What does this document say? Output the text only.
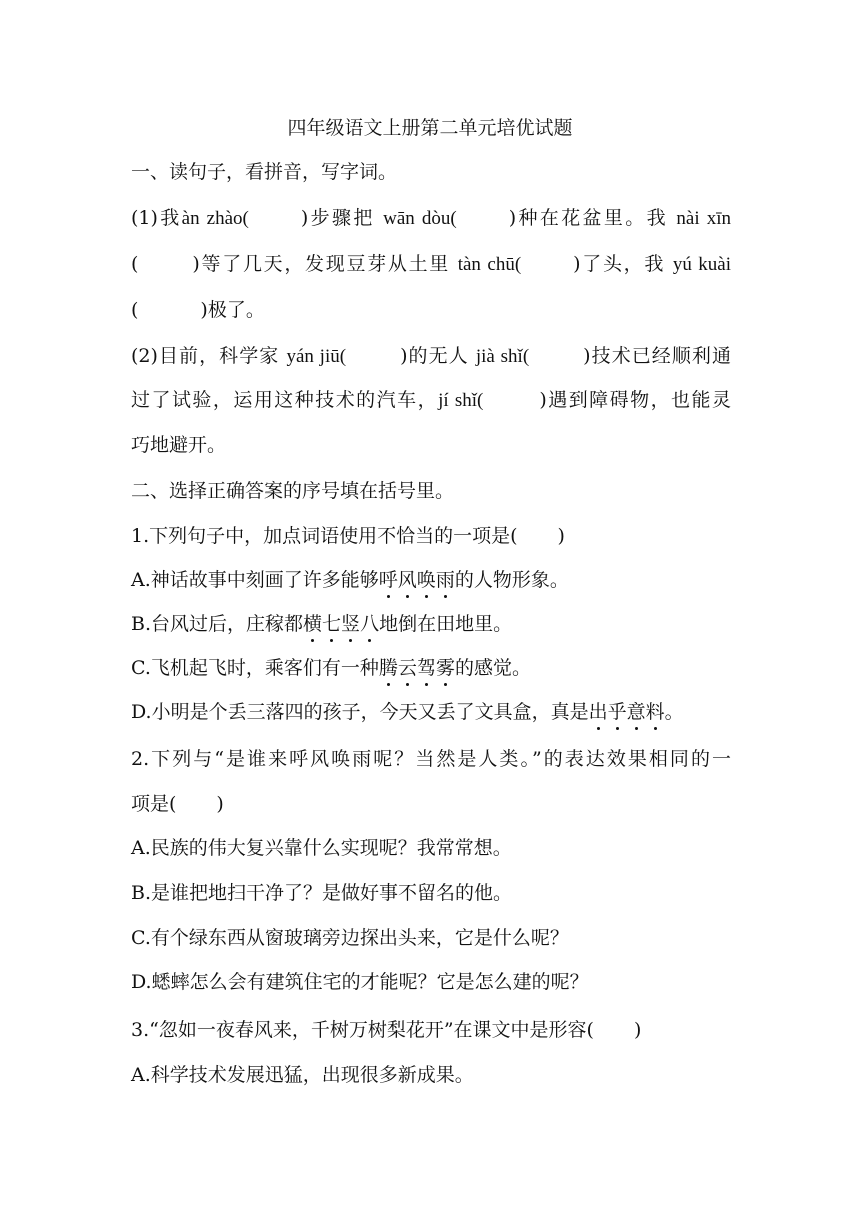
四年级语文上册第二单元培优试题
一、读句子，看拼音，写字词。
(1)我àn zhào(	)步骤把 wān dòu(	)种在花盆里。我 nài xīn
(	)等了几天，发现豆芽从土里 tàn chū(	)了头，我 yú kuài
(	)极了。
(2)目前，科学家 yán jiū(	)的无人 jià shǐ(	)技术已经顺利通
过了试验，运用这种技术的汽车，jí shǐ(	)遇到障碍物，也能灵
巧地避开。
二、选择正确答案的序号填在括号里。
1.下列句子中，加点词语使用不恰当的一项是( )
A.神话故事中刻画了许多能够呼风唤雨的人物形象。
B.台风过后，庄稼都横七竖八地倒在田地里。
C.飞机起飞时，乘客们有一种腾云驾雾的感觉。
D.小明是个丢三落四的孩子，今天又丢了文具盒，真是出乎意料。
2.下列与“是谁来呼风唤雨呢？当然是人类。”的表达效果相同的一
项是( )
A.民族的伟大复兴靠什么实现呢？我常常想。
B.是谁把地扫干净了？是做好事不留名的他。
C.有个绿东西从窗玻璃旁边探出头来，它是什么呢？
D.蟋蟀怎么会有建筑住宅的才能呢？它是怎么建的呢？
3.“忽如一夜春风来，千树万树梨花开”在课文中是形容( )
A.科学技术发展迅猛，出现很多新成果。
